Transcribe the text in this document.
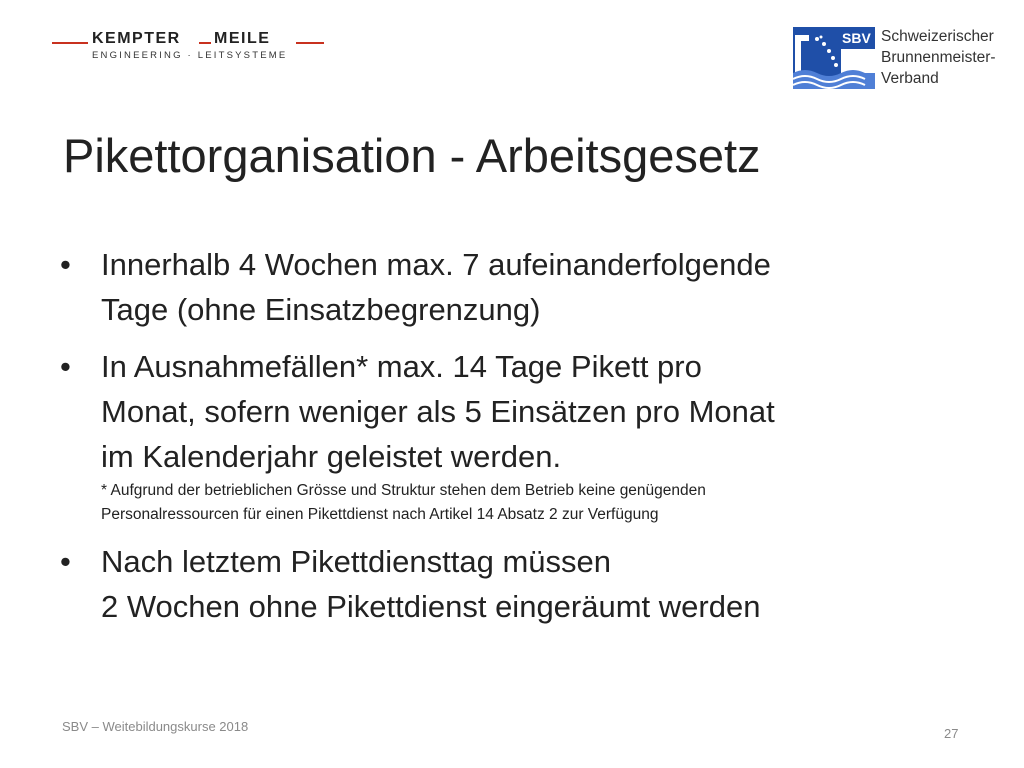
KEMPTER MEILE
ENGINEERING · LEITSYSTEME
SBV Schweizerischer
Brunnenmeister-
Verband
Pikettorganisation - Arbeitsgesetz
• Innerhalb 4 Wochen max. 7 aufeinanderfolgende
Tage (ohne Einsatzbegrenzung)
• In Ausnahmefällen* max. 14 Tage Pikett pro
Monat, sofern weniger als 5 Einsätzen pro Monat
im Kalenderjahr geleistet werden.
* Aufgrund der betrieblichen Grösse und Struktur stehen dem Betrieb keine genügenden
Personalressourcen für einen Pikettdienst nach Artikel 14 Absatz 2 zur Verfügung
• Nach letztem Pikettdiensttag müssen
2 Wochen ohne Pikettdienst eingeräumt werden
SBV – Weitebildungskurse 2018	27
